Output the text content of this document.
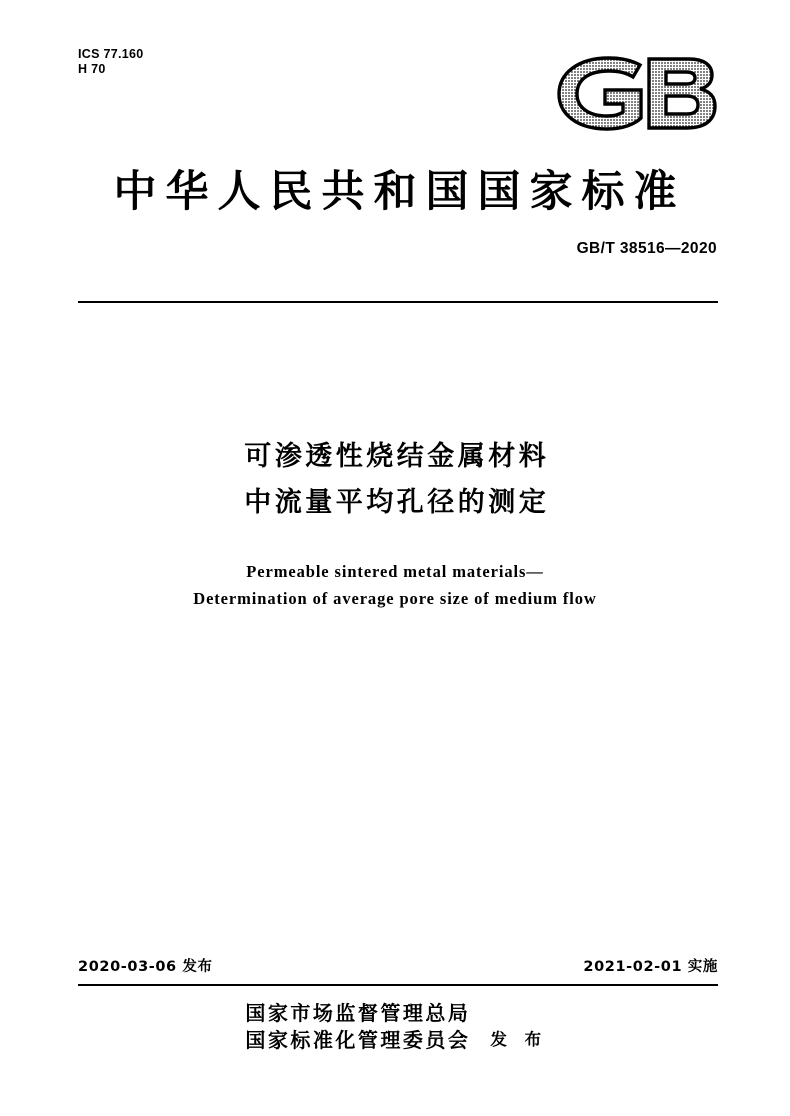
ICS 77.160
H 70
中华人民共和国国家标准
GB/T 38516—2020
可渗透性烧结金属材料
中流量平均孔径的测定
Permeable sintered metal materials—
Determination of average pore size of medium flow
2020-03-06 发布	2021-02-01 实施
国家市场监督管理总局
国家标准化管理委员会	发 布
